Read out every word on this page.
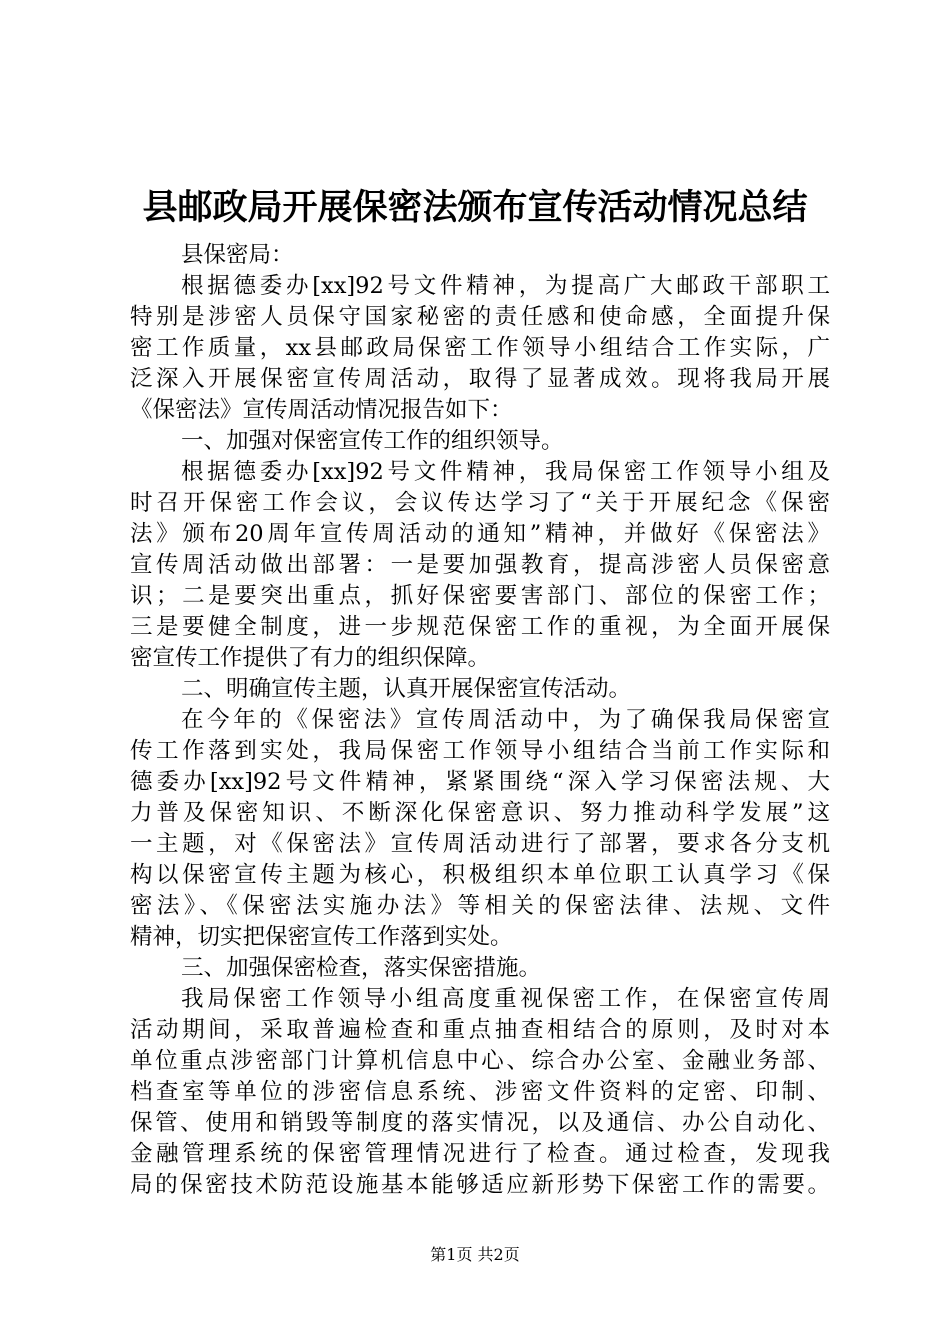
县邮政局开展保密法颁布宣传活动情况总结
县保密局：
根据德委办[xx]92号文件精神，为提高广大邮政干部职工
特别是涉密人员保守国家秘密的责任感和使命感，全面提升保
密工作质量，xx县邮政局保密工作领导小组结合工作实际，广
泛深入开展保密宣传周活动，取得了显著成效。现将我局开展
《保密法》宣传周活动情况报告如下：
一、加强对保密宣传工作的组织领导。
根据德委办[xx]92号文件精神，我局保密工作领导小组及
时召开保密工作会议，会议传达学习了“关于开展纪念《保密
法》颁布20周年宣传周活动的通知”精神，并做好《保密法》
宣传周活动做出部署：一是要加强教育，提高涉密人员保密意
识；二是要突出重点，抓好保密要害部门、部位的保密工作；
三是要健全制度，进一步规范保密工作的重视，为全面开展保
密宣传工作提供了有力的组织保障。
二、明确宣传主题，认真开展保密宣传活动。
在今年的《保密法》宣传周活动中，为了确保我局保密宣
传工作落到实处，我局保密工作领导小组结合当前工作实际和
德委办[xx]92号文件精神，紧紧围绕“深入学习保密法规、大
力普及保密知识、不断深化保密意识、努力推动科学发展”这
一主题，对《保密法》宣传周活动进行了部署，要求各分支机
构以保密宣传主题为核心，积极组织本单位职工认真学习《保
密法》、《保密法实施办法》等相关的保密法律、法规、文件
精神，切实把保密宣传工作落到实处。
三、加强保密检查，落实保密措施。
我局保密工作领导小组高度重视保密工作，在保密宣传周
活动期间，采取普遍检查和重点抽查相结合的原则，及时对本
单位重点涉密部门计算机信息中心、综合办公室、金融业务部、
档查室等单位的涉密信息系统、涉密文件资料的定密、印制、
保管、使用和销毁等制度的落实情况，以及通信、办公自动化、
金融管理系统的保密管理情况进行了检查。通过检查，发现我
局的保密技术防范设施基本能够适应新形势下保密工作的需要。
第1页 共2页
